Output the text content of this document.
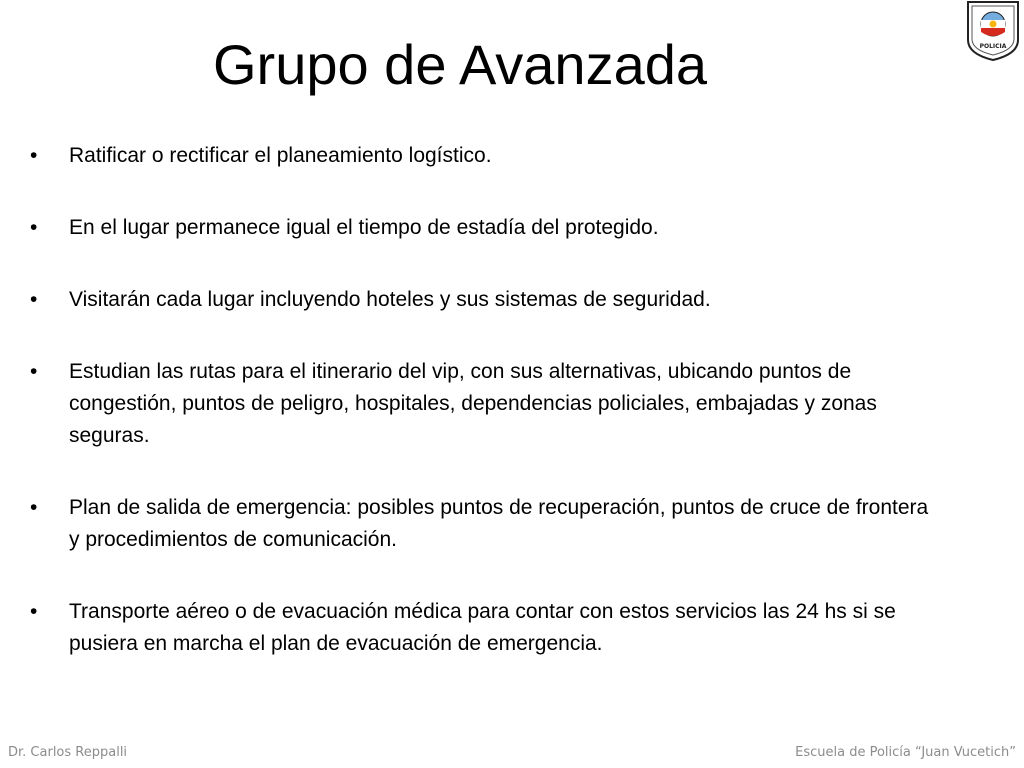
Grupo de Avanzada	POLICIA
• Ratificar o rectificar el planeamiento logístico.
• En el lugar permanece igual el tiempo de estadía del protegido.
• Visitarán cada lugar incluyendo hoteles y sus sistemas de seguridad.
• Estudian las rutas para el itinerario del vip, con sus alternativas, ubicando puntos de congestión, puntos de peligro, hospitales, dependencias policiales, embajadas y zonas seguras.
• Plan de salida de emergencia: posibles puntos de recuperación, puntos de cruce de frontera y procedimientos de comunicación.
• Transporte aéreo o de evacuación médica para contar con estos servicios las 24 hs si se pusiera en marcha el plan de evacuación de emergencia.
Dr. Carlos Reppalli	Escuela de Policía “Juan Vucetich”
